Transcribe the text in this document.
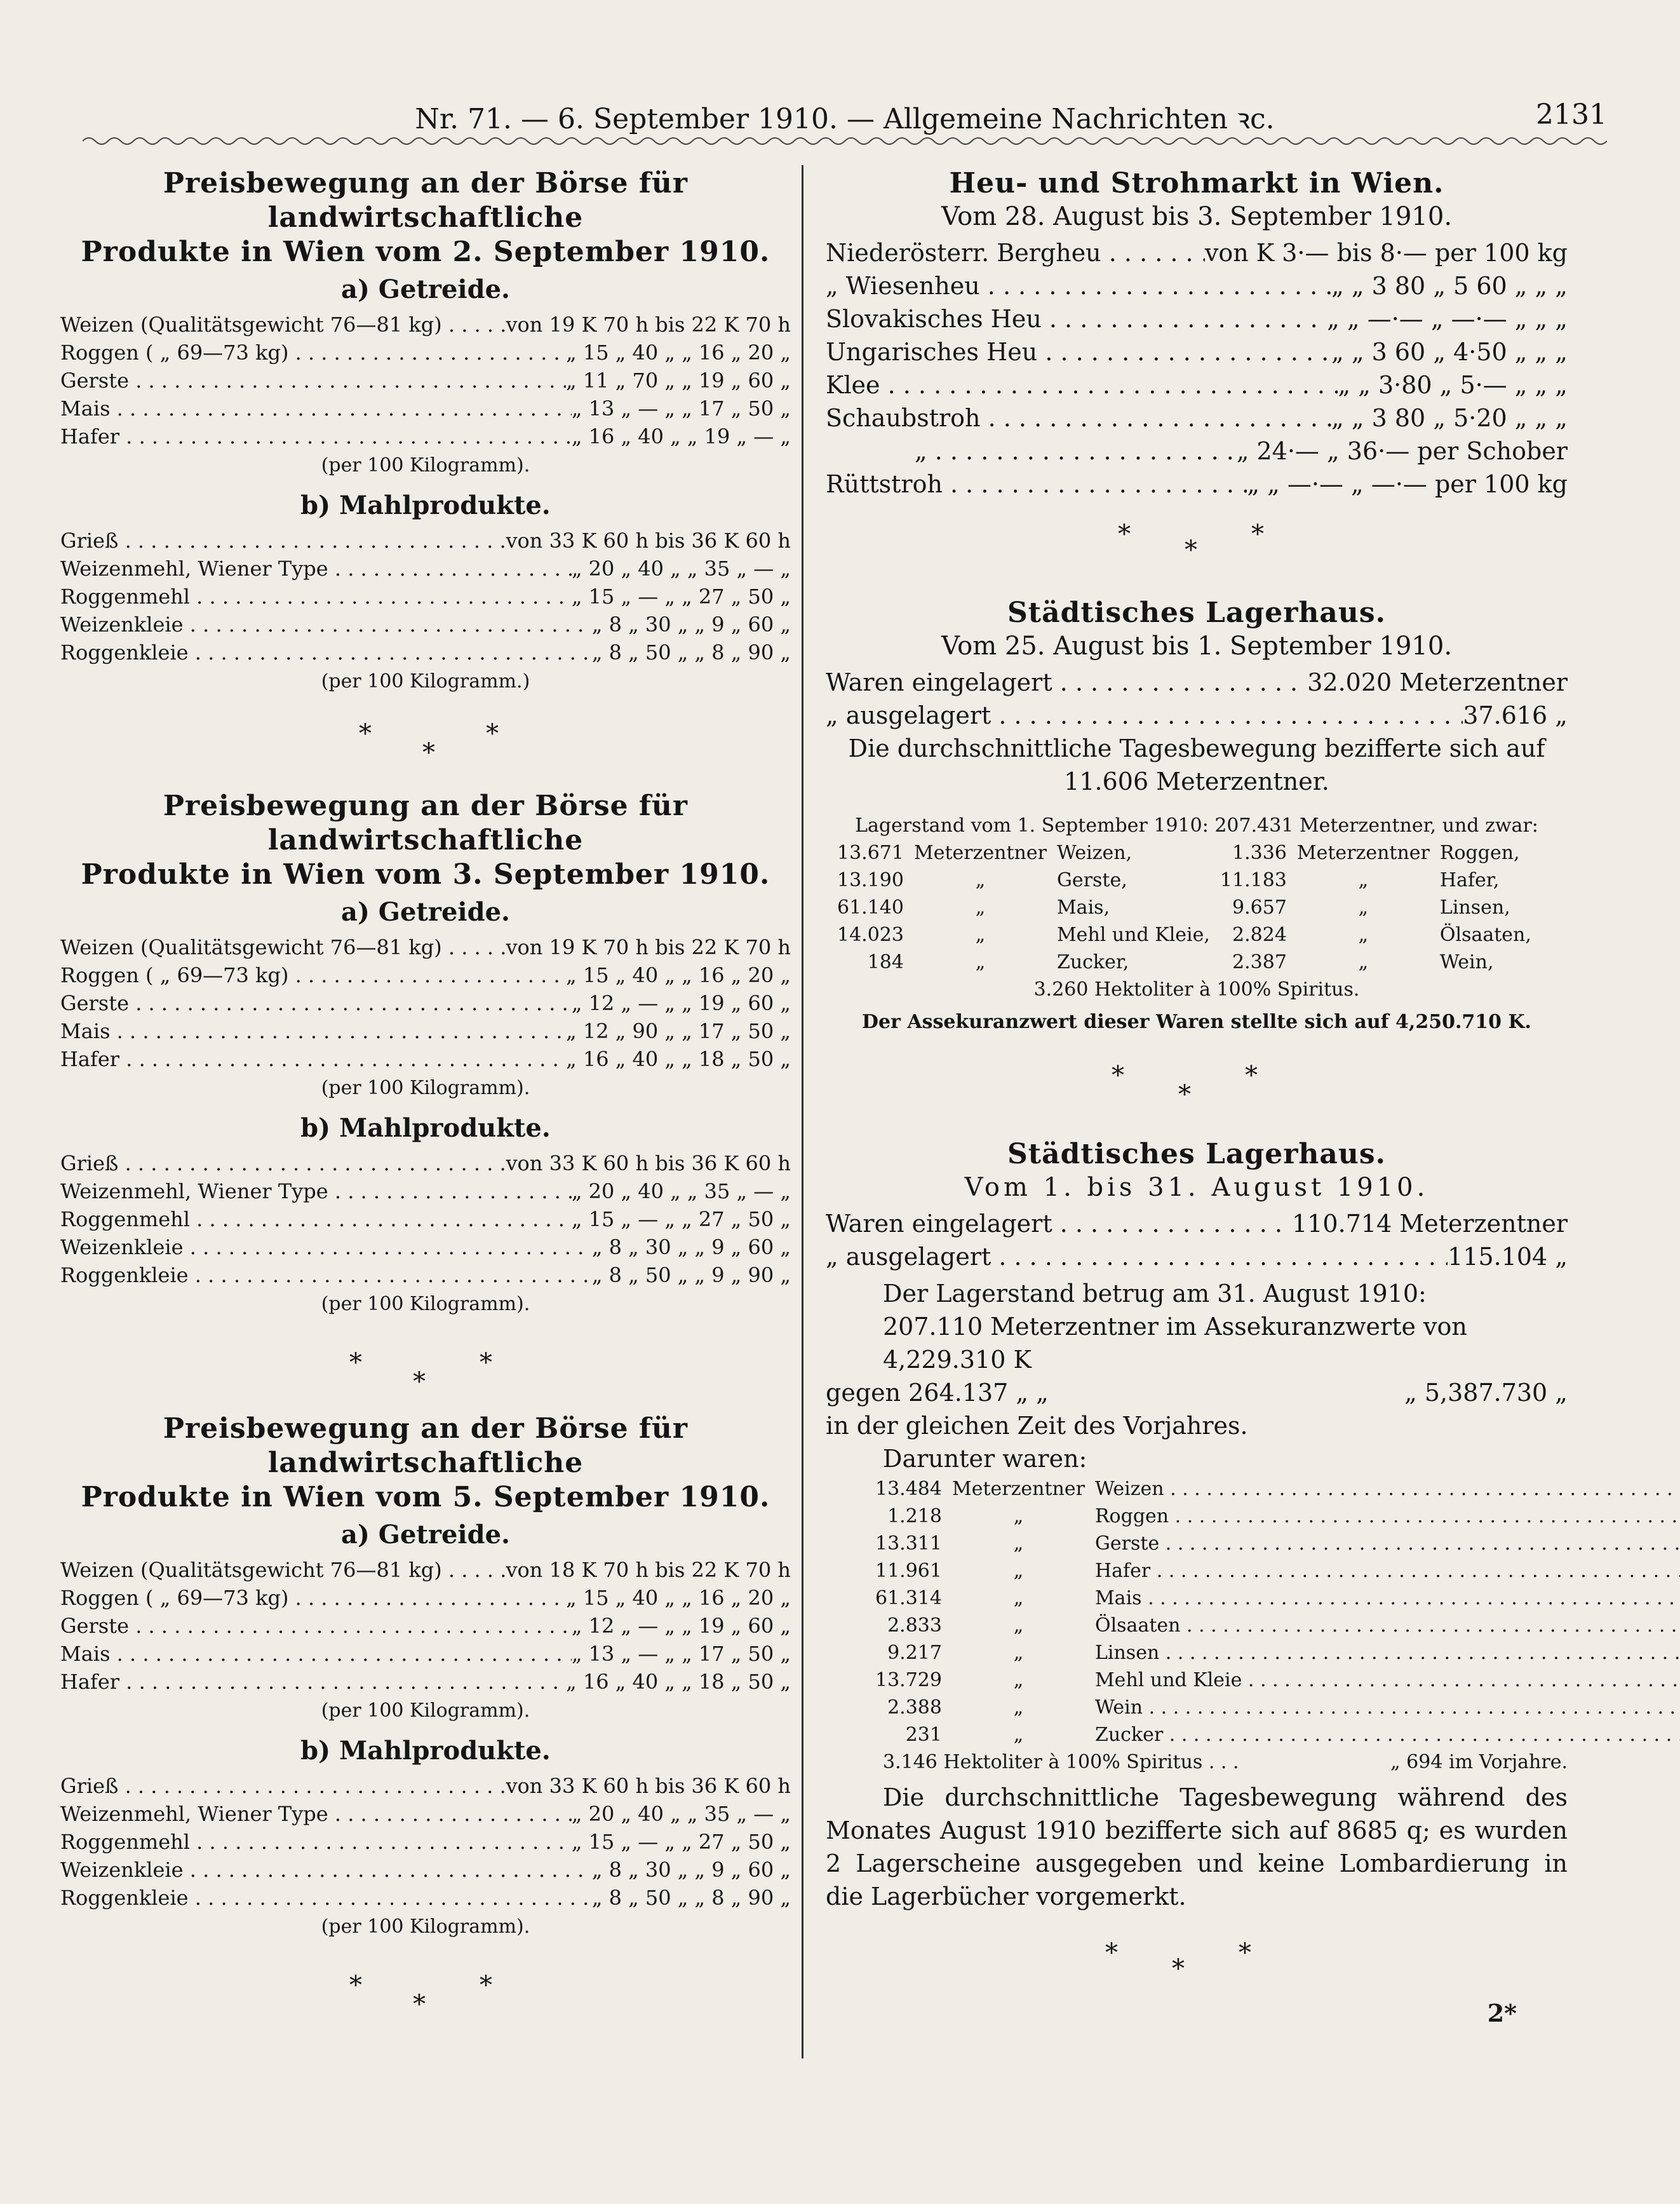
Nr. 71. — 6. September 1910. — Allgemeine Nachrichten ꝛc.	2131

Preisbewegung an der Börse für landwirtschaftliche

Produkte in Wien vom 2. September 1910.

a) Getreide.
Weizen (Qualitätsgewicht 76—81 kg) . . .	von 19 K 70 h bis 22 K 70 h
Roggen ( „ 69—73 kg) . . .	„ 15 „ 40 „ „ 16 „ 20 „
Gerste . . .	„ 11 „ 70 „ „ 19 „ 60 „
Mais . . .	„ 13 „ — „ „ 17 „ 50 „
Hafer . . .	„ 16 „ 40 „ „ 19 „ — „
(per 100 Kilogramm).
b) Mahlprodukte.
Grieß . . .	von 33 K 60 h bis 36 K 60 h
Weizenmehl, Wiener Type . . .	„ 20 „ 40 „ „ 35 „ — „
Roggenmehl . . .	„ 15 „ — „ „ 27 „ 50 „
Weizenkleie . . .	„ 8 „ 30 „ „ 9 „ 60 „
Roggenkleie . . .	„ 8 „ 50 „ „ 8 „ 90 „
(per 100 Kilogramm.)
*
*
*

Preisbewegung an der Börse für landwirtschaftliche

Produkte in Wien vom 3. September 1910.

a) Getreide.
Weizen (Qualitätsgewicht 76—81 kg) . . .	von 19 K 70 h bis 22 K 70 h
Roggen ( „ 69—73 kg) . . .	„ 15 „ 40 „ „ 16 „ 20 „
Gerste . . .	„ 12 „ — „ „ 19 „ 60 „
Mais . . .	„ 12 „ 90 „ „ 17 „ 50 „
Hafer . . .	„ 16 „ 40 „ „ 18 „ 50 „
(per 100 Kilogramm).
b) Mahlprodukte.
Grieß . . .	von 33 K 60 h bis 36 K 60 h
Weizenmehl, Wiener Type . . .	„ 20 „ 40 „ „ 35 „ — „
Roggenmehl . . .	„ 15 „ — „ „ 27 „ 50 „
Weizenkleie . . .	„ 8 „ 30 „ „ 9 „ 60 „
Roggenkleie . . .	„ 8 „ 50 „ „ 9 „ 90 „
(per 100 Kilogramm).
*
*
*

Preisbewegung an der Börse für landwirtschaftliche

Produkte in Wien vom 5. September 1910.

a) Getreide.
Weizen (Qualitätsgewicht 76—81 kg) . . .	von 18 K 70 h bis 22 K 70 h
Roggen ( „ 69—73 kg) . . .	„ 15 „ 40 „ „ 16 „ 20 „
Gerste . . .	„ 12 „ — „ „ 19 „ 60 „
Mais . . .	„ 13 „ — „ „ 17 „ 50 „
Hafer . . .	„ 16 „ 40 „ „ 18 „ 50 „
(per 100 Kilogramm).
b) Mahlprodukte.
Grieß . . .	von 33 K 60 h bis 36 K 60 h
Weizenmehl, Wiener Type . . .	„ 20 „ 40 „ „ 35 „ — „
Roggenmehl . . .	„ 15 „ — „ „ 27 „ 50 „
Weizenkleie . . .	„ 8 „ 30 „ „ 9 „ 60 „
Roggenkleie . . .	„ 8 „ 50 „ „ 8 „ 90 „
(per 100 Kilogramm).
*
*
*

Heu- und Strohmarkt in Wien.

Vom 28. August bis 3. September 1910.
Niederösterr. Bergheu . . .	von K 3·— bis 8·— per 100 kg
„ Wiesenheu . . .	„ „ 3 80 „ 5 60 „ „ „
Slovakisches Heu . . .	„ „ —·— „ —·— „ „ „
Ungarisches Heu . . .	„ „ 3 60 „ 4·50 „ „ „
Klee . . .	„ „ 3·80 „ 5·— „ „ „
Schaubstroh . . .	„ „ 3 80 „ 5·20 „ „ „
„ . . .	„ 24·— „ 36·— per Schober
Rüttstroh . . .	„ „ —·— „ —·— per 100 kg
*
*
*

Städtisches Lagerhaus.

Vom 25. August bis 1. September 1910.
Waren eingelagert . . .	32.020 Meterzentner
„ ausgelagert . . .	37.616 „
Die durchschnittliche Tagesbewegung bezifferte sich auf
11.606 Meterzentner.
Lagerstand vom 1. September 1910: 207.431 Meterzentner, und zwar:
13.671	Meterzentner	Weizen,	1.336	Meterzentner	Roggen,
13.190	„	Gerste,	11.183	„	Hafer,
61.140	„	Mais,	9.657	„	Linsen,
14.023	„	Mehl und Kleie,	2.824	„	Ölsaaten,
184	„	Zucker,	2.387	„	Wein,
3.260 Hektoliter à 100% Spiritus.
Der Assekuranzwert dieser Waren stellte sich auf 4,250.710 K.
*
*
*

Städtisches Lagerhaus.

Vom 1. bis 31. August 1910.
Waren eingelagert . . .	110.714 Meterzentner
„ ausgelagert . . .	115.104 „
Der Lagerstand betrug am 31. August 1910:
207.110 Meterzentner im Assekuranzwerte von 4,229.310 K
gegen 264.137 „ „	„ 5,387.730 „
in der gleichen Zeit des Vorjahres.
Darunter waren:
13.484	Meterzentner	Weizen . . .		
1.218	„	Roggen . . .		
13.311	„	Gerste . . .		
11.961	„	Hafer . . .		
61.314	„	Mais . . .		
2.833	„	Ölsaaten . . .		
9.217	„	Linsen . . .		
13.729	„	Mehl und Kleie . . .		
2.388	„	Wein . . .		
231	„	Zucker . . .		
3.146 Hektoliter à 100% Spiritus . . .	„ 694 im Vorjahre.
Die durchschnittliche Tagesbewegung während des Monates August 1910 bezifferte sich auf 8685 q; es wurden 2 Lagerscheine ausgegeben und keine Lombardierung in die Lagerbücher vorgemerkt.
*
*
*
2*
